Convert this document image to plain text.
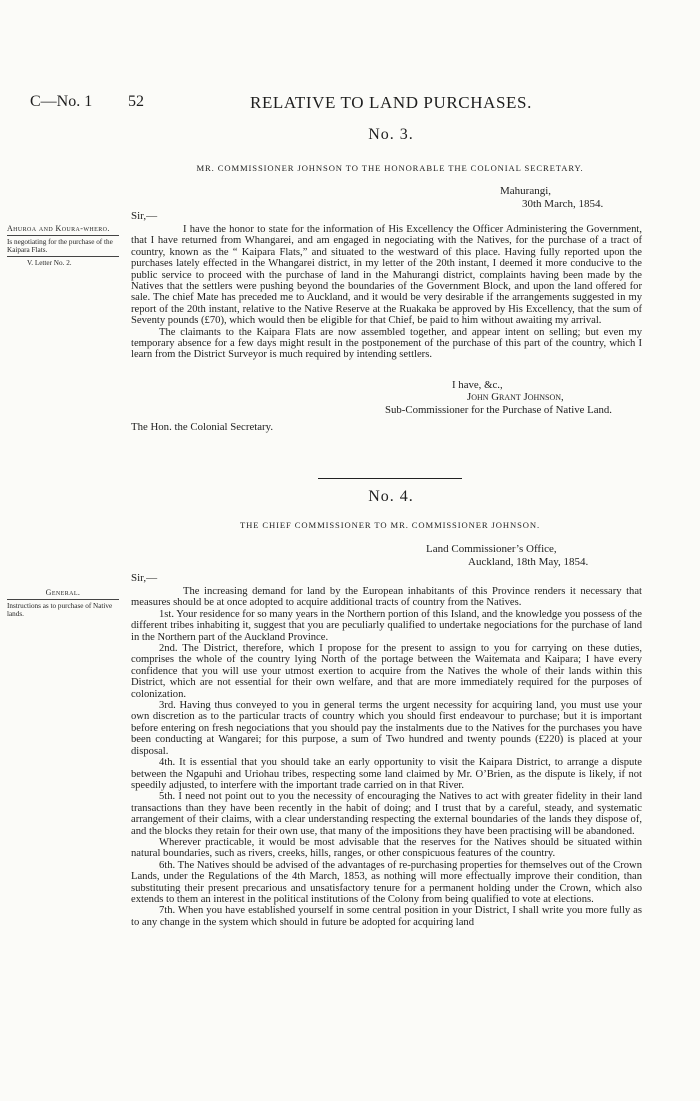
C—No. 1 52	RELATIVE TO LAND PURCHASES.
No. 3.
MR. COMMISSIONER JOHNSON TO THE HONORABLE THE COLONIAL SECRETARY.
Mahurangi,
30th March, 1854.
Sir,—
Ahuroa and Koura-whero.
Is negotiating for the purchase of the Kaipara Flats.
V. Letter No. 2.

I have the honor to state for the information of His Excellency the Officer Administering the Government, that I have returned from Whangarei, and am engaged in negociating with the Natives, for the purchase of a tract of country, known as the “ Kaipara Flats,” and situated to the westward of this place. Having fully reported upon the purchases lately effected in the Whangarei district, in my letter of the 20th instant, I deemed it more conducive to the public service to proceed with the purchase of land in the Mahurangi district, complaints having been made by the Natives that the settlers were pushing beyond the boundaries of the Government Block, and upon the land offered for sale. The chief Mate has preceded me to Auckland, and it would be very desirable if the arrangements suggested in my report of the 20th instant, relative to the Native Reserve at the Ruakaka be approved by His Excellency, that the sum of Seventy pounds (£70), which would then be eligible for that Chief, be paid to him without awaiting my arrival.

The claimants to the Kaipara Flats are now assembled together, and appear intent on selling; but even my temporary absence for a few days might result in the postponement of the purchase of this part of the country, which I learn from the District Surveyor is much required by intending settlers.

I have, &c.,
John Grant Johnson,
Sub-Commissioner for the Purchase of Native Land.
The Hon. the Colonial Secretary.
No. 4.
THE CHIEF COMMISSIONER TO MR. COMMISSIONER JOHNSON.
Land Commissioner’s Office,
Auckland, 18th May, 1854.
Sir,—
General.
Instructions as to purchase of Native lands.

The increasing demand for land by the European inhabitants of this Province renders it necessary that measures should be at once adopted to acquire additional tracts of country from the Natives.

1st. Your residence for so many years in the Northern portion of this Island, and the knowledge you possess of the different tribes inhabiting it, suggest that you are peculiarly qualified to undertake negociations for the purchase of land in the Northern part of the Auckland Province.

2nd. The District, therefore, which I propose for the present to assign to you for carrying on these duties, comprises the whole of the country lying North of the portage between the Waitemata and Kaipara; I have every confidence that you will use your utmost exertion to acquire from the Natives the whole of their lands within this District, which are not essential for their own welfare, and that are more immediately required for the purposes of colonization.

3rd. Having thus conveyed to you in general terms the urgent necessity for acquiring land, you must use your own discretion as to the particular tracts of country which you should first endeavour to purchase; but it is important before entering on fresh negociations that you should pay the instalments due to the Natives for the purchases you have been conducting at Wangarei; for this purpose, a sum of Two hundred and twenty pounds (£220) is placed at your disposal.

4th. It is essential that you should take an early opportunity to visit the Kaipara District, to arrange a dispute between the Ngapuhi and Uriohau tribes, respecting some land claimed by Mr. O’Brien, as the dispute is likely, if not speedily adjusted, to interfere with the important trade carried on in that River.

5th. I need not point out to you the necessity of encouraging the Natives to act with greater fidelity in their land transactions than they have been recently in the habit of doing; and I trust that by a careful, steady, and systematic arrangement of their claims, with a clear understanding respecting the external boundaries of the lands they dispose of, and the blocks they retain for their own use, that many of the impositions they have been practising will be abandoned.

Wherever practicable, it would be most advisable that the reserves for the Natives should be situated within natural boundaries, such as rivers, creeks, hills, ranges, or other conspicuous features of the country.

6th. The Natives should be advised of the advantages of re-purchasing properties for themselves out of the Crown Lands, under the Regulations of the 4th March, 1853, as nothing will more effectually improve their condition, than substituting their present precarious and unsatisfactory tenure for a permanent holding under the Crown, which also extends to them an interest in the political institutions of the Colony from being qualified to vote at elections.

7th. When you have established yourself in some central position in your District, I shall write you more fully as to any change in the system which should in future be adopted for acquiring land
